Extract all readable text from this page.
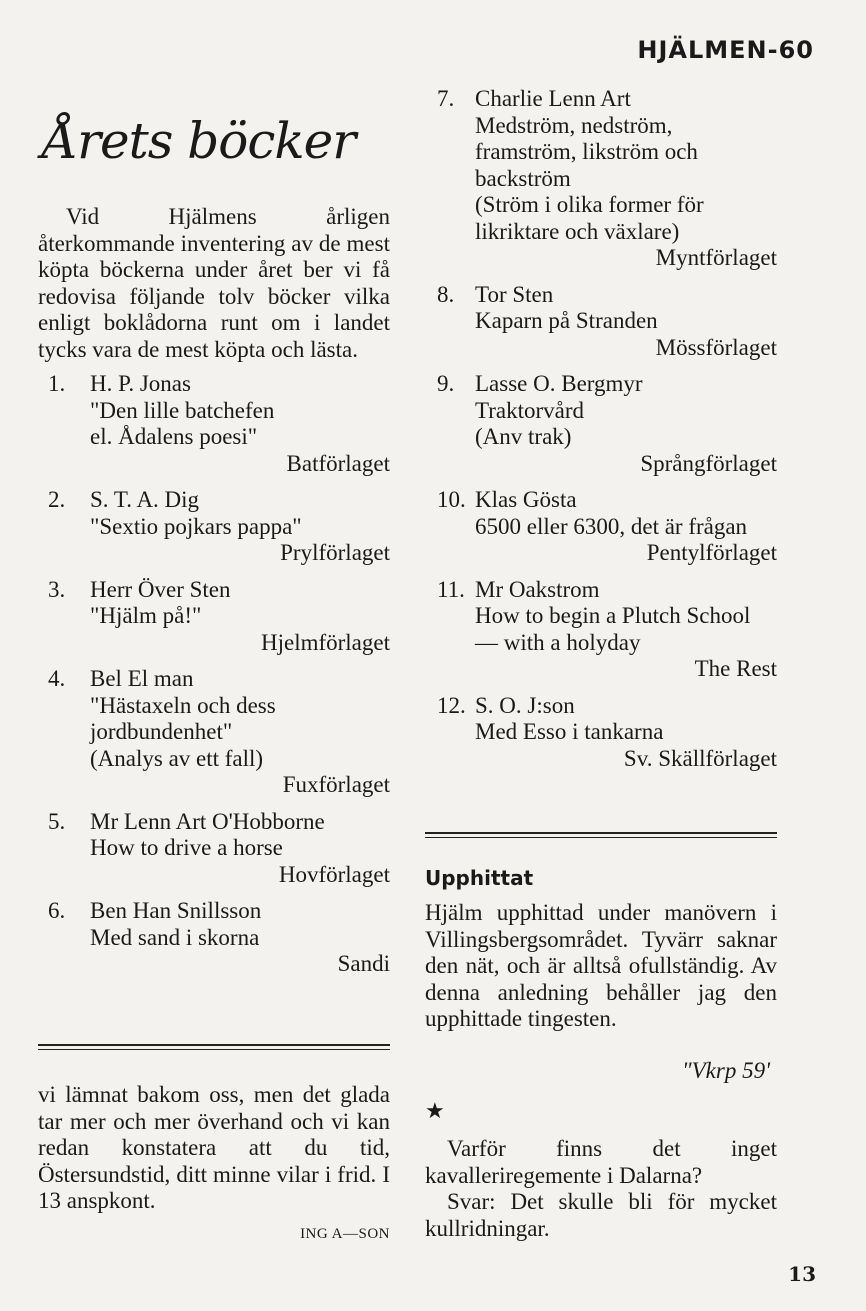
HJÄLMEN-60
Årets böcker

Vid Hjälmens årligen återkommande inventering av de mest köpta böckerna under året ber vi få redovisa följande tolv böcker vilka enligt boklådorna runt om i landet tycks vara de mest köpta och lästa.

1. H. P. Jonas
"Den lille batchefen
el. Ådalens poesi"
Batförlaget
2. S. T. A. Dig
"Sextio pojkars pappa"
Prylförlaget
3. Herr Över Sten
"Hjälm på!"
Hjelmförlaget
4. Bel El man
"Hästaxeln och dess jordbundenhet"
(Analys av ett fall)
Fuxförlaget
5. Mr Lenn Art O'Hobborne
How to drive a horse
Hovförlaget
6. Ben Han Snillsson
Med sand i skorna
Sandi

vi lämnat bakom oss, men det glada tar mer och mer överhand och vi kan redan konstatera att du tid, Östersundstid, ditt minne vilar i frid. I 13 anspkont.

ING A—SON
7. Charlie Lenn Art
Medström, nedström, framström, likström och backström
(Ström i olika former för likriktare och växlare)
Myntförlaget
8. Tor Sten
Kaparn på Stranden
Mössförlaget
9. Lasse O. Bergmyr
Traktorvård
(Anv trak)
Språngförlaget
10. Klas Gösta
6500 eller 6300, det är frågan
Pentylförlaget
11. Mr Oakstrom
How to begin a Plutch School — with a holyday
The Rest
12. S. O. J:son
Med Esso i tankarna
Sv. Skällförlaget
Upphittat

Hjälm upphittad under manövern i Villingsbergsområdet. Tyvärr saknar den nät, och är alltså ofullständig. Av denna anledning behåller jag den upphittade tingesten.

"Vkrp 59'
★

Varför finns det inget kavalleriregemente i Dalarna?

Svar: Det skulle bli för mycket kullridningar.

13
